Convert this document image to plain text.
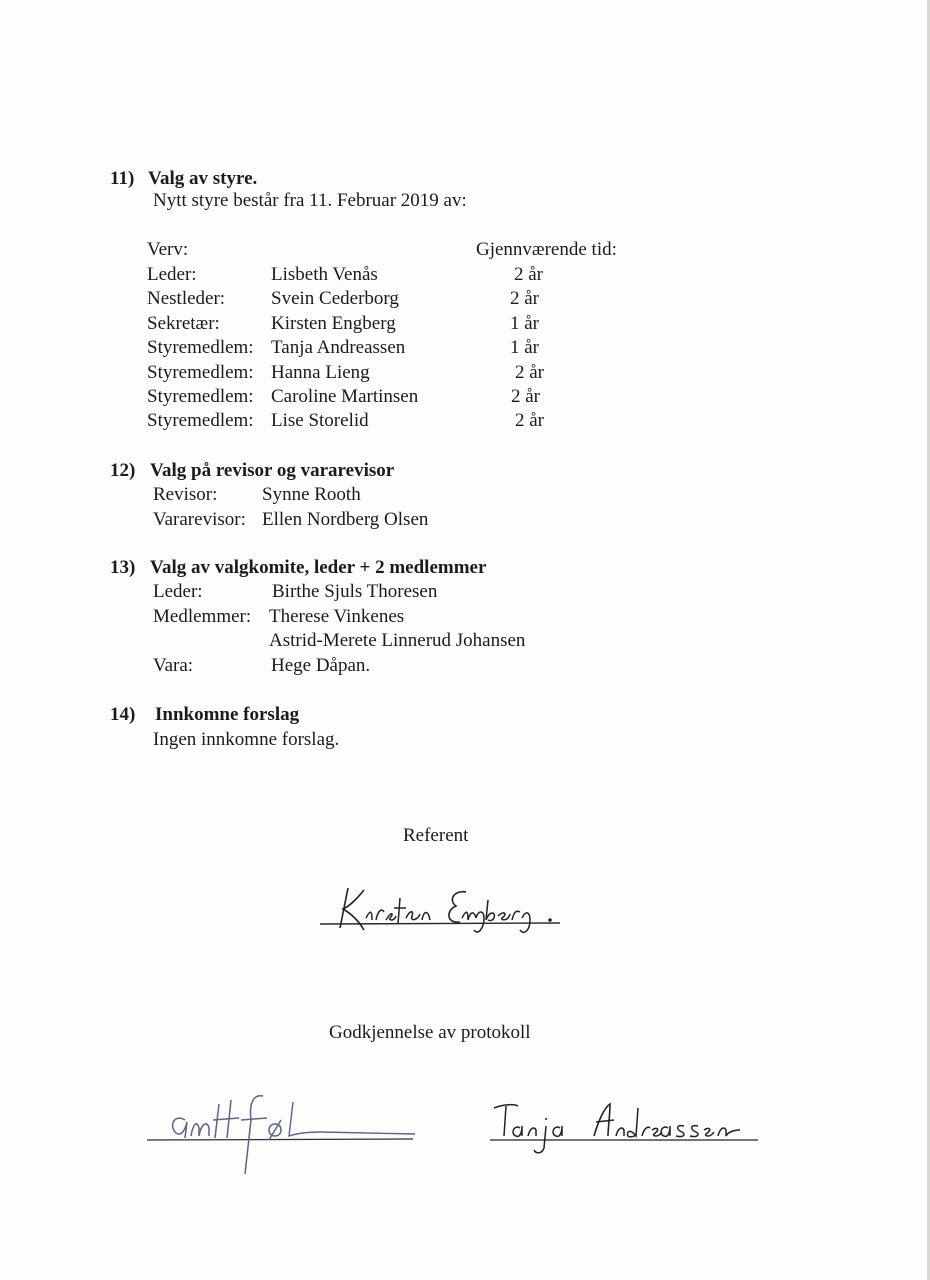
11) Valg av styre.
Nytt styre består fra 11. Februar 2019 av:
Verv:	Gjennværende tid:
Leder:	Lisbeth Venås	2 år
Nestleder: Svein Cederborg	2 år
Sekretær:	Kirsten Engberg	1 år
Styremedlem: Tanja Andreassen	1 år
Styremedlem: Hanna Lieng	2 år
Styremedlem: Caroline Martinsen	2 år
Styremedlem: Lise Storelid	2 år
12) Valg på revisor og vararevisor
Revisor: Synne Rooth
Vararevisor: Ellen Nordberg Olsen
13) Valg av valgkomite, leder + 2 medlemmer
Leder:	Birthe Sjuls Thoresen
Medlemmer: Therese Vinkenes
Astrid-Merete Linnerud Johansen
Vara:	Hege Dåpan.
14) Innkomne forslag
Ingen innkomne forslag.
Referent
Godkjennelse av protokoll
